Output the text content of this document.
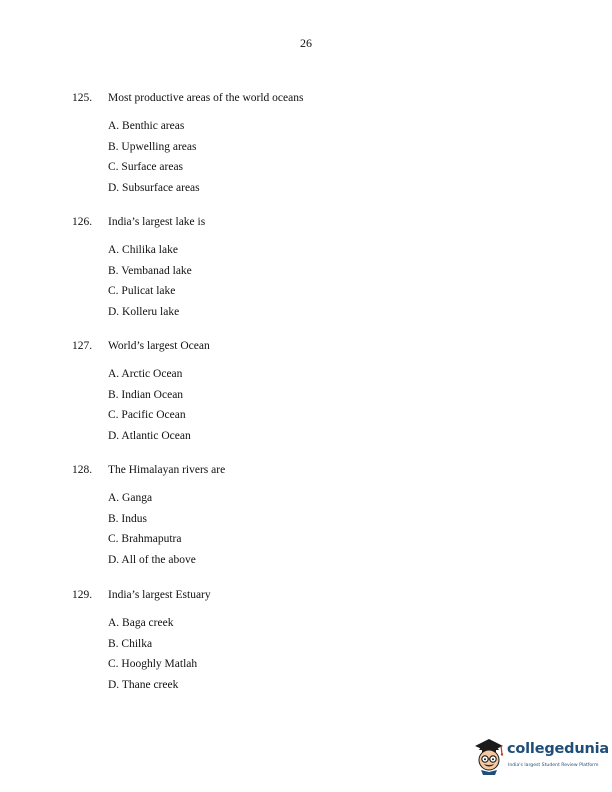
26
125.	Most productive areas of the world oceans
A. Benthic areas
B. Upwelling areas
C. Surface areas
D. Subsurface areas
126.	India’s largest lake is
A. Chilika lake
B. Vembanad lake
C. Pulicat lake
D. Kolleru lake
127.	World’s largest Ocean
A. Arctic Ocean
B. Indian Ocean
C. Pacific Ocean
D. Atlantic Ocean
128.	The Himalayan rivers are
A. Ganga
B. Indus
C. Brahmaputra
D. All of the above
129.	India’s largest Estuary
A. Baga creek
B. Chilka
C. Hooghly Matlah
D. Thane creek
collegedunia
India's largest Student Review Platform
